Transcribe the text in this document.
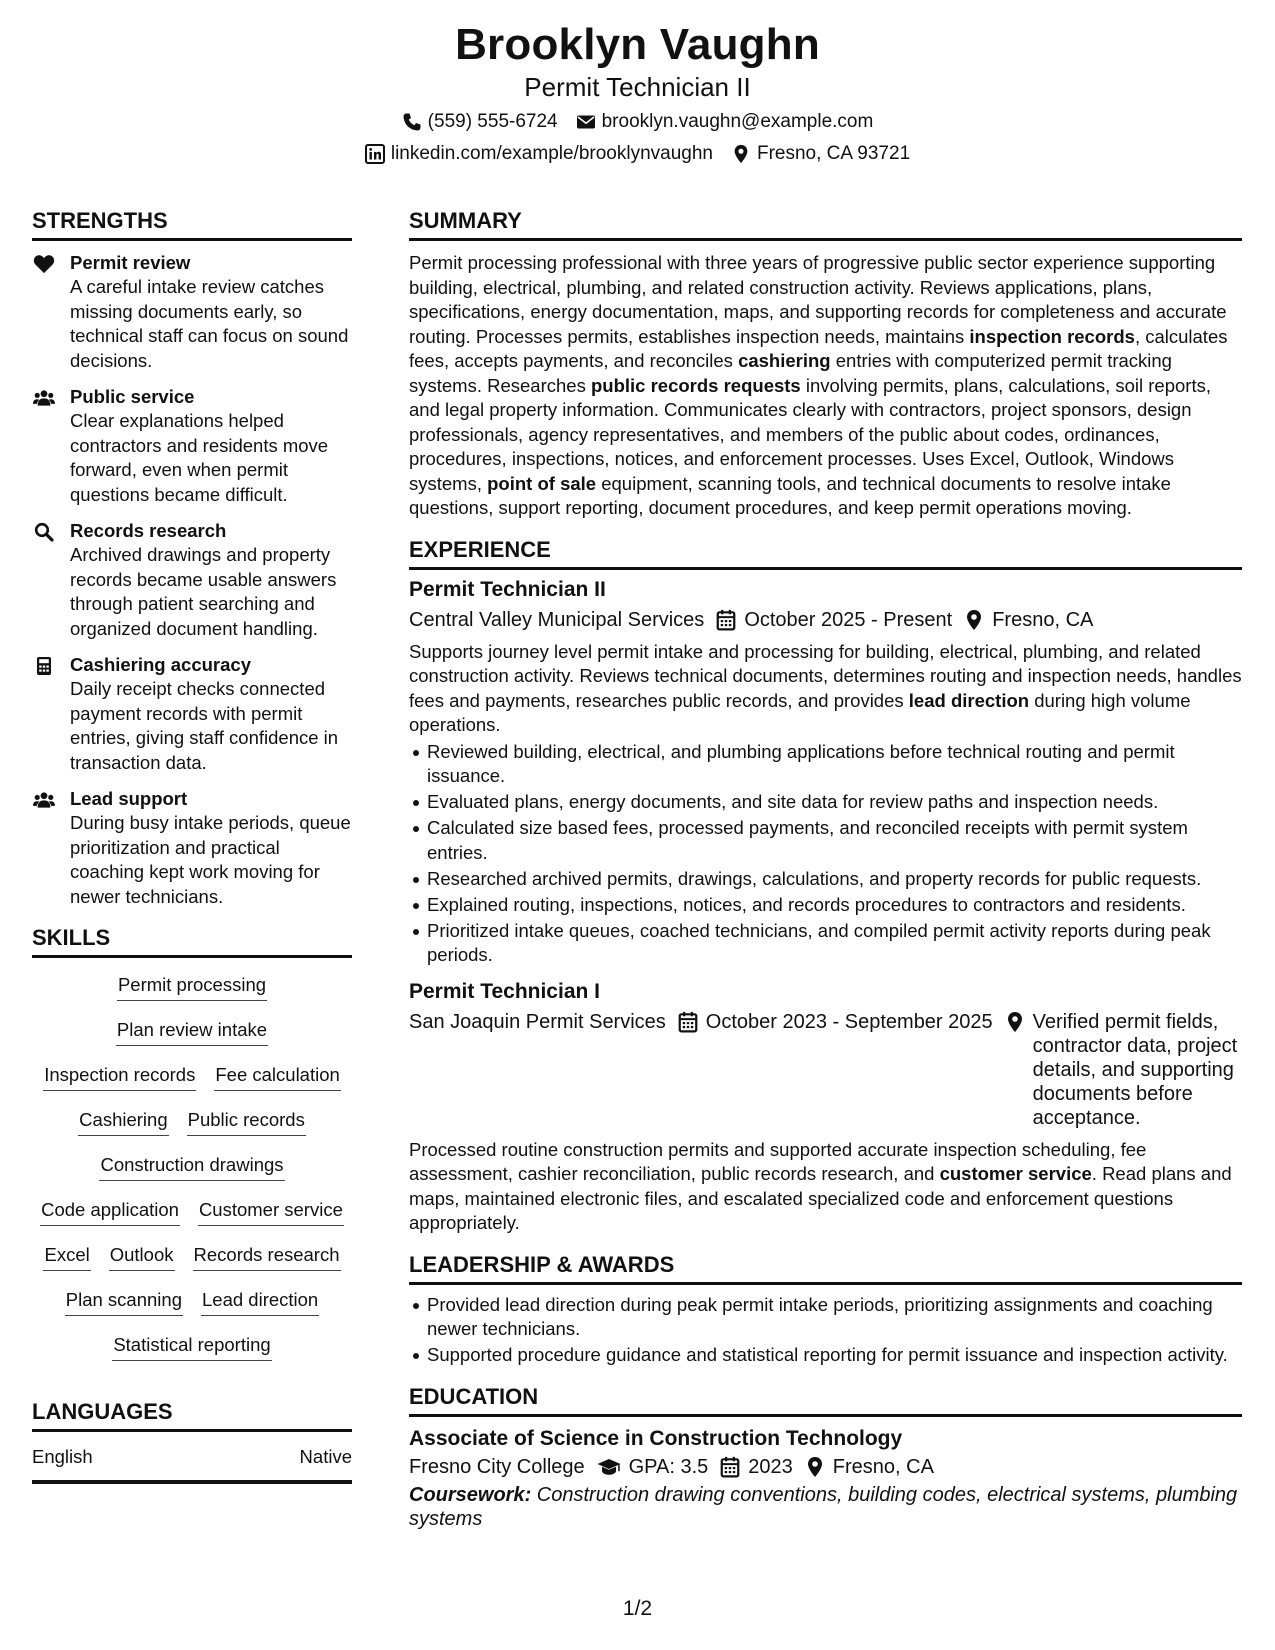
Brooklyn Vaughn
Permit Technician II
(559) 555-6724 brooklyn.vaughn@example.com
linkedin.com/example/brooklynvaughn Fresno, CA 93721
STRENGTHS
Permit review
A careful intake review catches missing documents early, so technical staff can focus on sound decisions.
Public service
Clear explanations helped contractors and residents move forward, even when permit questions became difficult.
Records research
Archived drawings and property records became usable answers through patient searching and organized document handling.
Cashiering accuracy
Daily receipt checks connected payment records with permit entries, giving staff confidence in transaction data.
Lead support
During busy intake periods, queue prioritization and practical coaching kept work moving for newer technicians.
SKILLS
Permit processing
Plan review intake
Inspection records Fee calculation
Cashiering Public records
Construction drawings
Code application Customer service
Excel Outlook Records research
Plan scanning Lead direction
Statistical reporting
LANGUAGES
English	Native
SUMMARY
Permit processing professional with three years of progressive public sector experience supporting building, electrical, plumbing, and related construction activity. Reviews applications, plans, specifications, energy documentation, maps, and supporting records for completeness and accurate routing. Processes permits, establishes inspection needs, maintains inspection records, calculates fees, accepts payments, and reconciles cashiering entries with computerized permit tracking systems. Researches public records requests involving permits, plans, calculations, soil reports, and legal property information. Communicates clearly with contractors, project sponsors, design professionals, agency representatives, and members of the public about codes, ordinances, procedures, inspections, notices, and enforcement processes. Uses Excel, Outlook, Windows systems, point of sale equipment, scanning tools, and technical documents to resolve intake questions, support reporting, document procedures, and keep permit operations moving.
EXPERIENCE
Permit Technician II
Central Valley Municipal Services October 2025 - Present Fresno, CA
Supports journey level permit intake and processing for building, electrical, plumbing, and related construction activity. Reviews technical documents, determines routing and inspection needs, handles fees and payments, researches public records, and provides lead direction during high volume operations.
Reviewed building, electrical, and plumbing applications before technical routing and permit issuance.
Evaluated plans, energy documents, and site data for review paths and inspection needs.
Calculated size based fees, processed payments, and reconciled receipts with permit system entries.
Researched archived permits, drawings, calculations, and property records for public requests.
Explained routing, inspections, notices, and records procedures to contractors and residents.
Prioritized intake queues, coached technicians, and compiled permit activity reports during peak periods.
Permit Technician I
San Joaquin Permit Services October 2023 - September 2025 Verified permit fields, contractor data, project details, and supporting documents before acceptance.
Processed routine construction permits and supported accurate inspection scheduling, fee assessment, cashier reconciliation, public records research, and customer service. Read plans and maps, maintained electronic files, and escalated specialized code and enforcement questions appropriately.
LEADERSHIP & AWARDS
Provided lead direction during peak permit intake periods, prioritizing assignments and coaching newer technicians.
Supported procedure guidance and statistical reporting for permit issuance and inspection activity.
EDUCATION
Associate of Science in Construction Technology
Fresno City College GPA: 3.5 2023 Fresno, CA
Coursework: Construction drawing conventions, building codes, electrical systems, plumbing systems
1/2
